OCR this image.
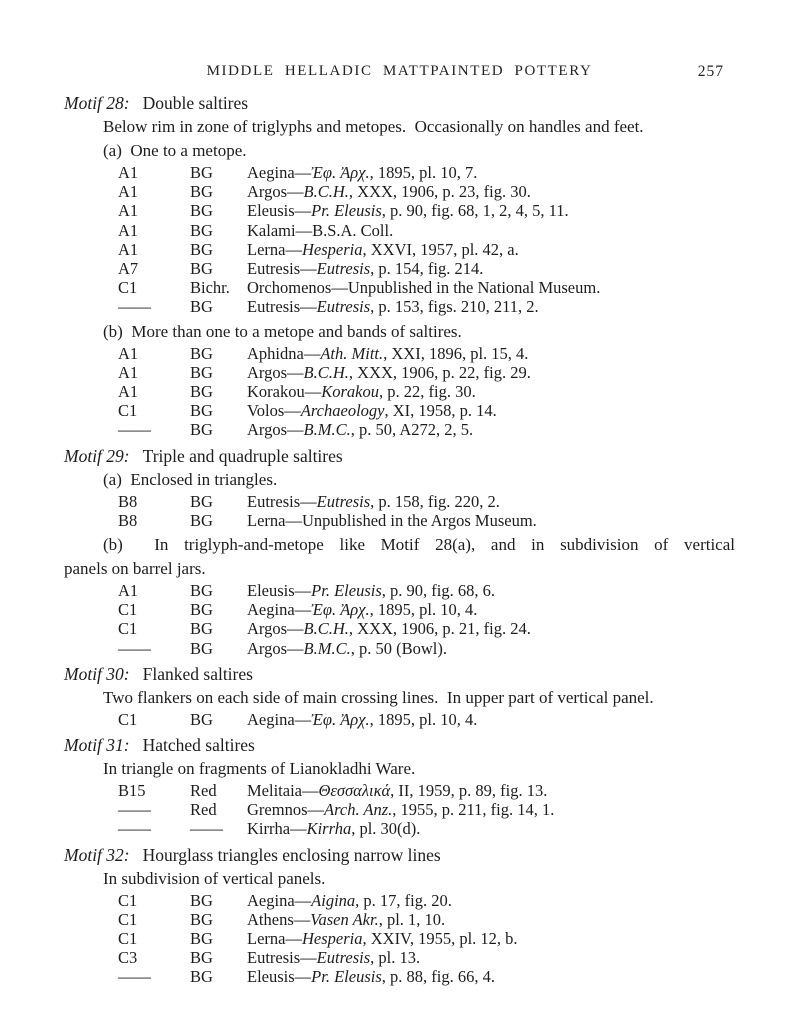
MIDDLE HELLADIC MATTPAINTED POTTERY	257
Motif 28: Double saltires
Below rim in zone of triglyphs and metopes.  Occasionally on handles and feet.
(a)  One to a metope.
A1	BG Aegina—Ἐφ. Ἀρχ., 1895, pl. 10, 7.
A1	BG Argos—B.C.H., XXX, 1906, p. 23, fig. 30.
A1	BG Eleusis—Pr. Eleusis, p. 90, fig. 68, 1, 2, 4, 5, 11.
A1	BG Kalami—B.S.A. Coll.
A1	BG Lerna—Hesperia, XXVI, 1957, pl. 42, a.
A7	BG Eutresis—Eutresis, p. 154, fig. 214.
C1	Bichr. Orchomenos—Unpublished in the National Museum.
—— BG Eutresis—Eutresis, p. 153, figs. 210, 211, 2.
(b)  More than one to a metope and bands of saltires.
A1	BG Aphidna—Ath. Mitt., XXI, 1896, pl. 15, 4.
A1	BG Argos—B.C.H., XXX, 1906, p. 22, fig. 29.
A1	BG Korakou—Korakou, p. 22, fig. 30.
C1	BG Volos—Archaeology, XI, 1958, p. 14.
—— BG Argos—B.M.C., p. 50, A272, 2, 5.
Motif 29: Triple and quadruple saltires
(a)  Enclosed in triangles.
B8	BG Eutresis—Eutresis, p. 158, fig. 220, 2.
B8	BG Lerna—Unpublished in the Argos Museum.
(b)  In triglyph-and-metope like Motif 28(a), and in subdivision of vertical
panels on barrel jars.
A1	BG Eleusis—Pr. Eleusis, p. 90, fig. 68, 6.
C1	BG Aegina—Ἐφ. Ἀρχ., 1895, pl. 10, 4.
C1	BG Argos—B.C.H., XXX, 1906, p. 21, fig. 24.
—— BG Argos—B.M.C., p. 50 (Bowl).
Motif 30: Flanked saltires
Two flankers on each side of main crossing lines.  In upper part of vertical panel.
C1	BG Aegina—Ἐφ. Ἀρχ., 1895, pl. 10, 4.
Motif 31: Hatched saltires
In triangle on fragments of Lianokladhi Ware.
B15	Red Melitaia—Θεσσαλικά, II, 1959, p. 89, fig. 13.
—— Red Gremnos—Arch. Anz., 1955, p. 211, fig. 14, 1.
—— —— Kirrha—Kirrha, pl. 30(d).
Motif 32: Hourglass triangles enclosing narrow lines
In subdivision of vertical panels.
C1	BG Aegina—Aigina, p. 17, fig. 20.
C1	BG Athens—Vasen Akr., pl. 1, 10.
C1	BG Lerna—Hesperia, XXIV, 1955, pl. 12, b.
C3	BG Eutresis—Eutresis, pl. 13.
—— BG Eleusis—Pr. Eleusis, p. 88, fig. 66, 4.
